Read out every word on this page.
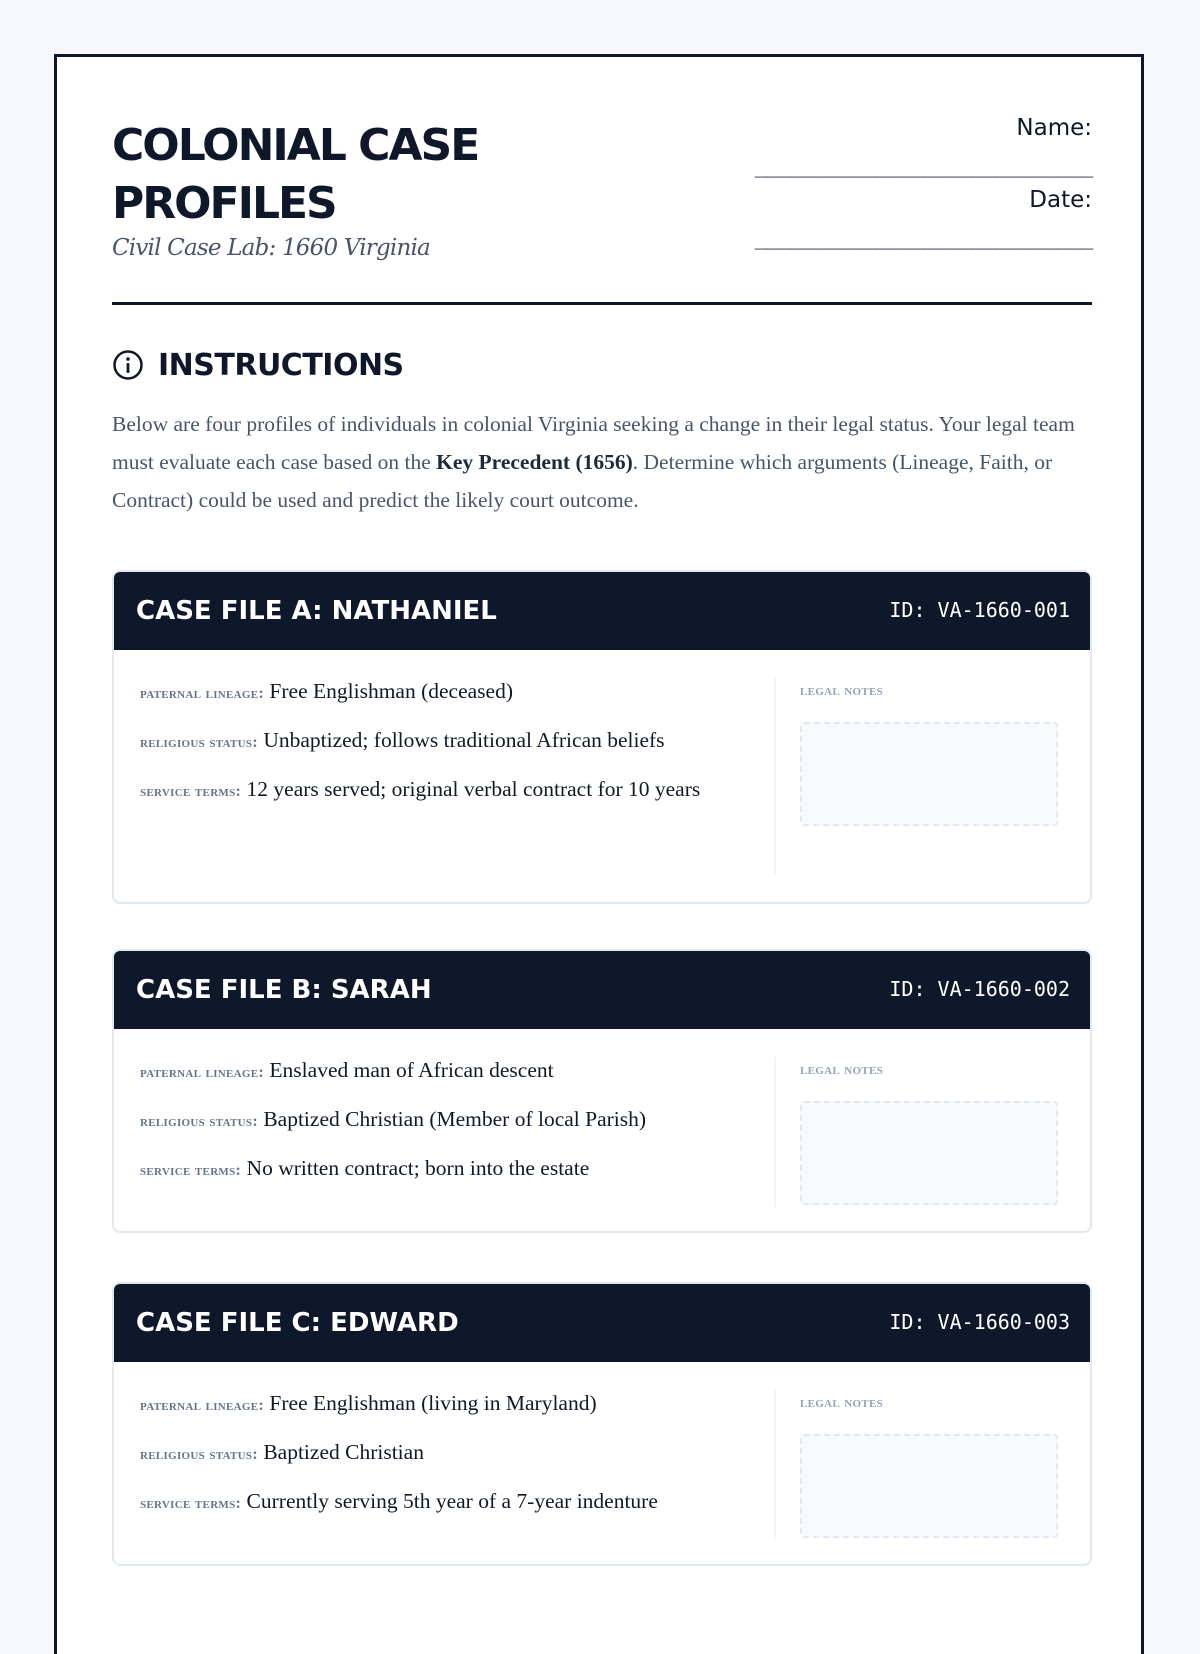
COLONIAL CASE
PROFILES
Civil Case Lab: 1660 Virginia
Name:
____________________________
Date:
____________________________
INSTRUCTIONS

Below are four profiles of individuals in colonial Virginia seeking a change in their legal status. Your legal team must evaluate each case based on the Key Precedent (1656). Determine which arguments (Lineage, Faith, or Contract) could be used and predict the likely court outcome.

CASE FILE A: NATHANIEL	ID: VA-1660-001
paternal lineage: Free Englishman (deceased)
religious status: Unbaptized; follows traditional African beliefs
service terms: 12 years served; original verbal contract for 10 years
legal notes
CASE FILE B: SARAH	ID: VA-1660-002
paternal lineage: Enslaved man of African descent
religious status: Baptized Christian (Member of local Parish)
service terms: No written contract; born into the estate
legal notes
CASE FILE C: EDWARD	ID: VA-1660-003
paternal lineage: Free Englishman (living in Maryland)
religious status: Baptized Christian
service terms: Currently serving 5th year of a 7-year indenture
legal notes
